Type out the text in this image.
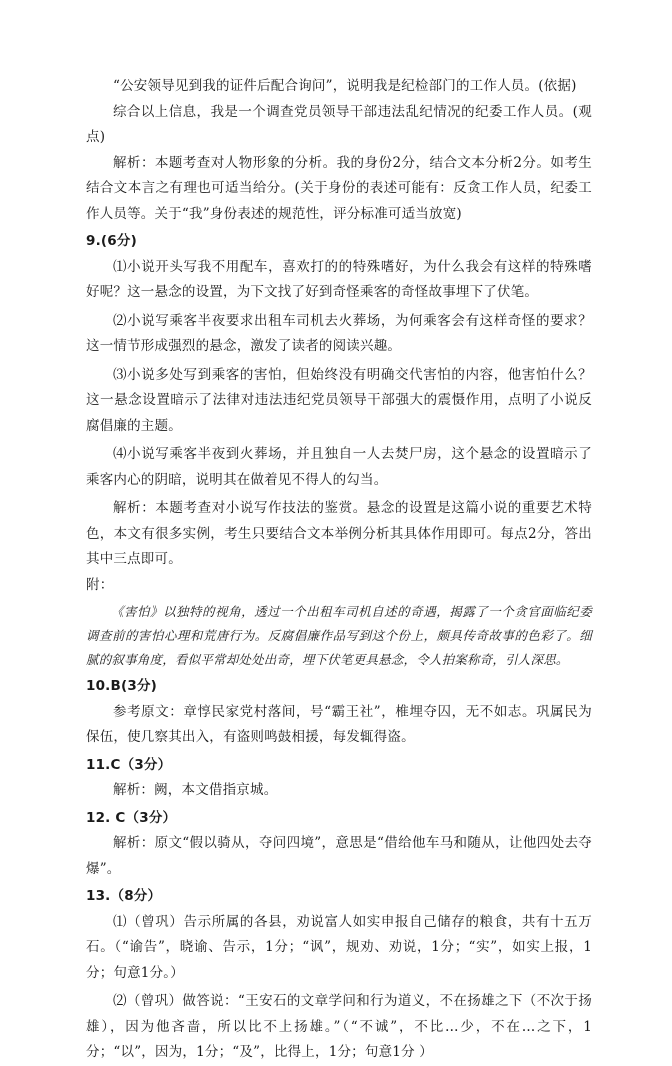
“公安领导见到我的证件后配合询问”，说明我是纪检部门的工作人员。(依据)

综合以上信息，我是一个调查党员领导干部违法乱纪情况的纪委工作人员。(观点)

解析：本题考查对人物形象的分析。我的身份2分，结合文本分析2分。如考生结合文本言之有理也可适当给分。(关于身份的表述可能有：反贪工作人员，纪委工作人员等。关于“我”身份表述的规范性，评分标准可适当放宽)

9.(6分)

⑴小说开头写我不用配车，喜欢打的的特殊嗜好，为什么我会有这样的特殊嗜好呢？这一悬念的设置，为下文找了好到奇怪乘客的奇怪故事埋下了伏笔。

⑵小说写乘客半夜要求出租车司机去火葬场，为何乘客会有这样奇怪的要求？这一情节形成强烈的悬念，激发了读者的阅读兴趣。

⑶小说多处写到乘客的害怕，但始终没有明确交代害怕的内容，他害怕什么？这一悬念设置暗示了法律对违法违纪党员领导干部强大的震慑作用，点明了小说反腐倡廉的主题。

⑷小说写乘客半夜到火葬场，并且独自一人去焚尸房，这个悬念的设置暗示了乘客内心的阴暗，说明其在做着见不得人的勾当。

解析：本题考查对小说写作技法的鉴赏。悬念的设置是这篇小说的重要艺术特色，本文有很多实例，考生只要结合文本举例分析其具体作用即可。每点2分，答出其中三点即可。

附：

《害怕》以独特的视角，透过一个出租车司机自述的奇遇，揭露了一个贪官面临纪委调查前的害怕心理和荒唐行为。反腐倡廉作品写到这个份上，颇具传奇故事的色彩了。细腻的叙事角度，看似平常却处处出奇，埋下伏笔更具悬念，令人拍案称奇，引人深思。

10.B(3分)

参考原文：章惇民家党村落间，号“霸王社”，椎埋夺囚，无不如志。巩属民为保伍，使几察其出入，有盗则鸣鼓相援，每发辄得盗。

11.C（3分）

解析：阙，本文借指京城。

12. C（3分）

解析：原文“假以骑从，夺问四境”，意思是“借给他车马和随从，让他四处去夺爆”。

13.（8分）

⑴（曾巩）告示所属的各县，劝说富人如实申报自己储存的粮食，共有十五万石。（“谕告”，晓谕、告示，1分；“讽”，规劝、劝说，1分；“实”，如实上报，1分；句意1分。）

⑵（曾巩）做答说：“王安石的文章学问和行为道义，不在扬雄之下（不次于扬雄），因为他吝啬，所以比不上扬雄。”（“不诚”，不比…少，不在…之下，1分；“以”，因为，1分；“及”，比得上，1分；句意1分 ）
